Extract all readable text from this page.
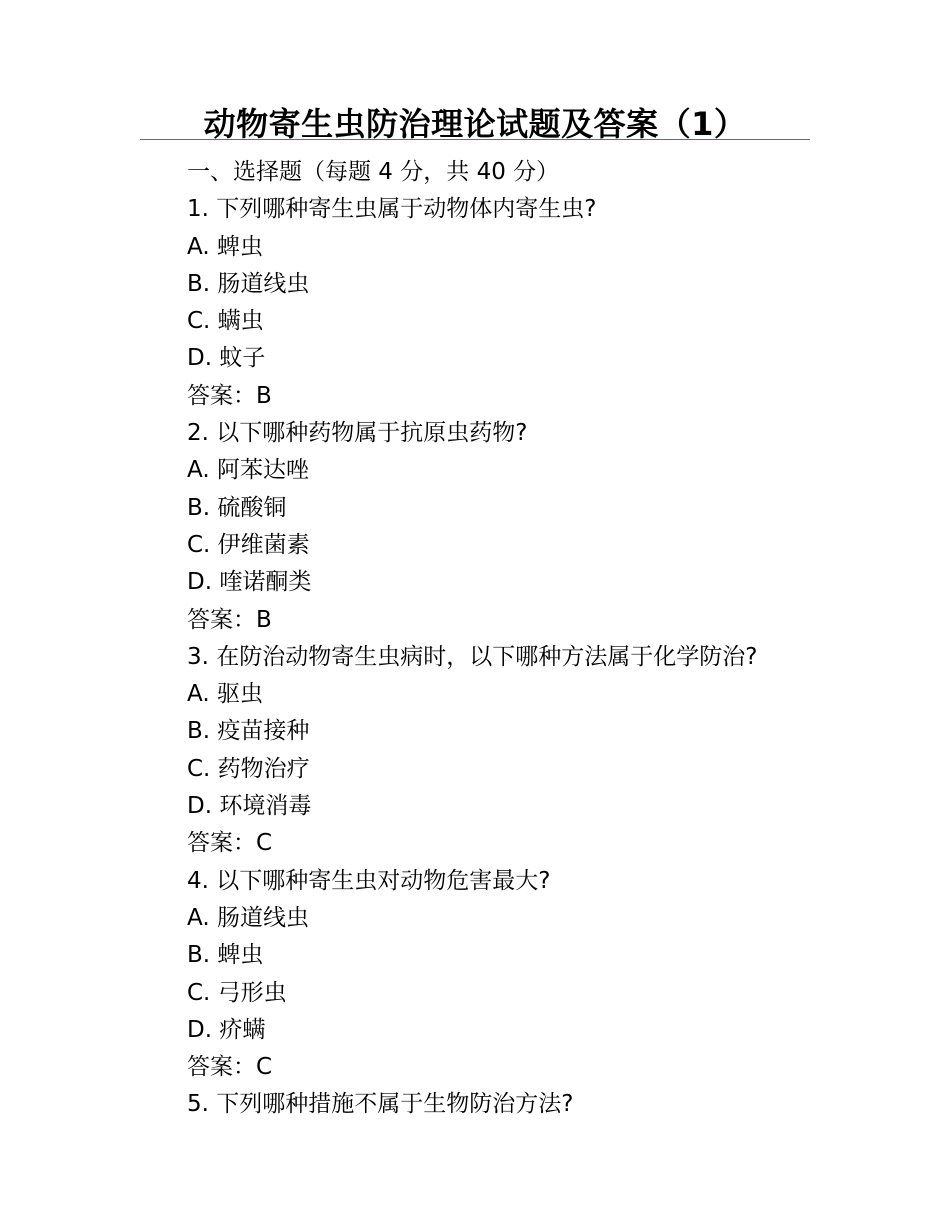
动物寄生虫防治理论试题及答案（1）
一、选择题（每题 4 分，共 40 分）
1. 下列哪种寄生虫属于动物体内寄生虫?
A. 蜱虫
B. 肠道线虫
C. 螨虫
D. 蚊子
答案：B
2. 以下哪种药物属于抗原虫药物?
A. 阿苯达唑
B. 硫酸铜
C. 伊维菌素
D. 喹诺酮类
答案：B
3. 在防治动物寄生虫病时，以下哪种方法属于化学防治?
A. 驱虫
B. 疫苗接种
C. 药物治疗
D. 环境消毒
答案：C
4. 以下哪种寄生虫对动物危害最大?
A. 肠道线虫
B. 蜱虫
C. 弓形虫
D. 疥螨
答案：C
5. 下列哪种措施不属于生物防治方法?
